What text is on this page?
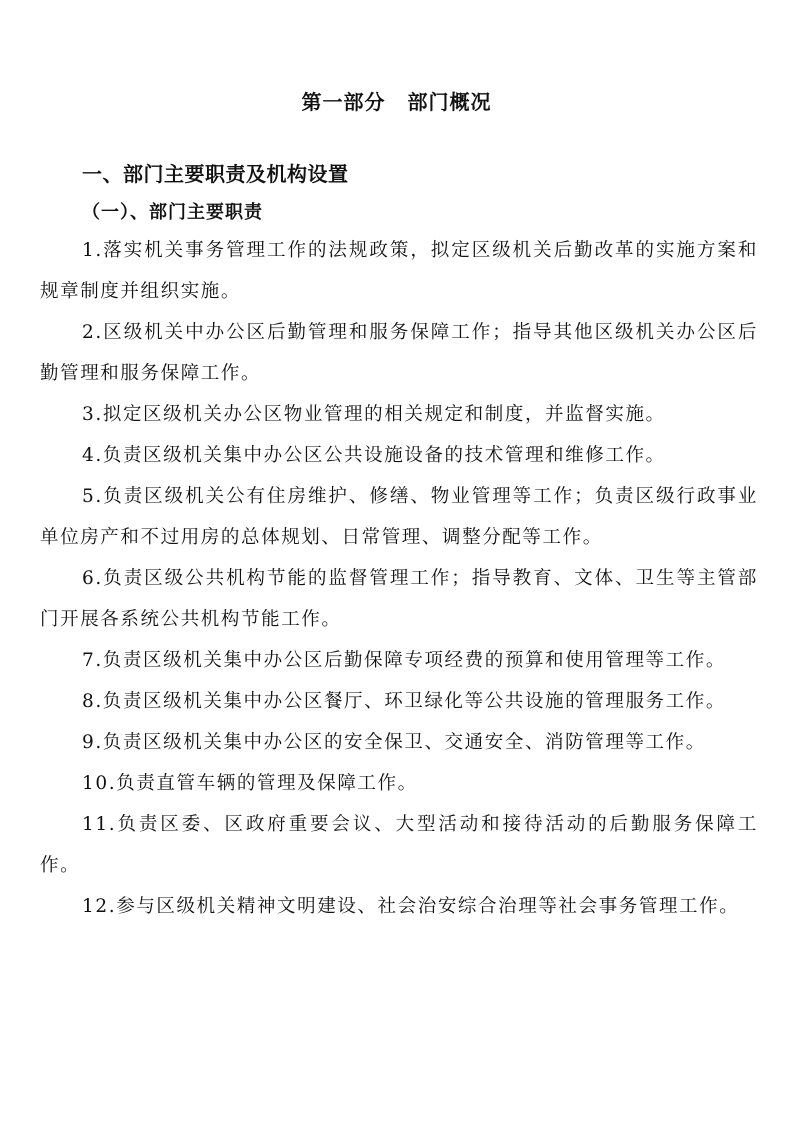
第一部分 部门概况
一、部门主要职责及机构设置
（一）、部门主要职责

1.落实机关事务管理工作的法规政策，拟定区级机关后勤改革的实施方案和规章制度并组织实施。

2.区级机关中办公区后勤管理和服务保障工作；指导其他区级机关办公区后勤管理和服务保障工作。

3.拟定区级机关办公区物业管理的相关规定和制度，并监督实施。

4.负责区级机关集中办公区公共设施设备的技术管理和维修工作。

5.负责区级机关公有住房维护、修缮、物业管理等工作；负责区级行政事业单位房产和不过用房的总体规划、日常管理、调整分配等工作。

6.负责区级公共机构节能的监督管理工作；指导教育、文体、卫生等主管部门开展各系统公共机构节能工作。

7.负责区级机关集中办公区后勤保障专项经费的预算和使用管理等工作。

8.负责区级机关集中办公区餐厅、环卫绿化等公共设施的管理服务工作。

9.负责区级机关集中办公区的安全保卫、交通安全、消防管理等工作。

10.负责直管车辆的管理及保障工作。

11.负责区委、区政府重要会议、大型活动和接待活动的后勤服务保障工作。

12.参与区级机关精神文明建设、社会治安综合治理等社会事务管理工作。
